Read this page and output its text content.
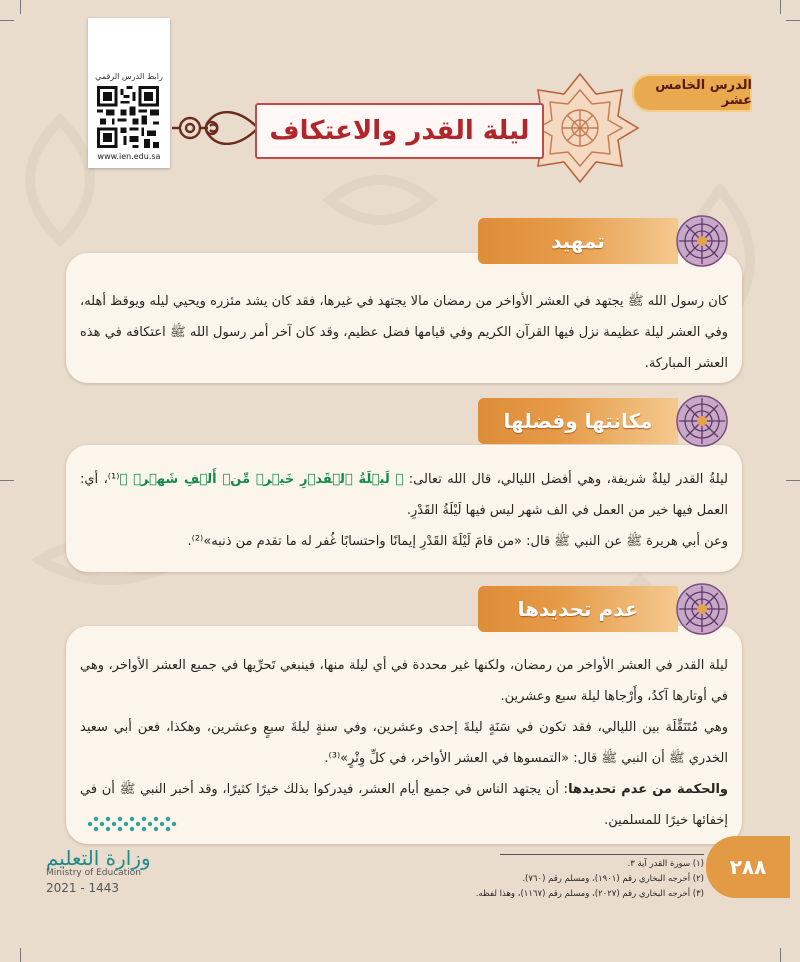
رابط الدرس الرقمي
www.ien.edu.sa
الدرس الخامس عشر
ليلة القدر والاعتكاف
تمهيد

كان رسول الله ﷺ يجتهد في العشر الأواخر من رمضان مالا يجتهد في غيرها، فقد كان يشد مئزره ويحيي ليله ويوقظ أهله، وفي العشر ليلة عظيمة نزل فيها القرآن الكريم وفي قيامها فضل عظيم، وقد كان آخر أمر رسول الله ﷺ اعتكافه في هذه العشر المباركة.

مكانتها وفضلها

ليلةُ القدر ليلةٌ شريفة، وهي أفضل الليالي، قال الله تعالى: ﴿ لَيۡلَةُ ٱلۡقَدۡرِ خَيۡرٞ مِّنۡ أَلۡفِ شَهۡرٖ ﴾⁽¹⁾، أي: العمل فيها خير من العمل في الف شهر ليس فيها لَيْلَةُ القَدْرِ.

وعن أبي هريرة ﷺ عن النبي ﷺ قال: «من قامَ لَيْلَةَ القَدْرِ إيمانًا واحتسابًا غُفر له ما تقدم من ذنبه»⁽²⁾.

عدم تحديدها

ليلة القدر في العشر الأواخر من رمضان، ولكنها غير محددة في أي ليلة منها، فينبغي تَحرِّيها في جميع العشر الأواخر، وهي في أوتارها آكدُ، وأَرْجاها ليلة سبع وعشرين.

وهي مُتَنَقِّلَة بين الليالي، فقد تكون في سَنَةٍ ليلةَ إحدى وعشرين، وفي سنةٍ ليلةَ سبعٍ وعشرين، وهكذا، فعن أبي سعيد الخدري ﷺ أن النبي ﷺ قال: «التمسوها في العشر الأواخر، في كلِّ وِتْرٍ»⁽³⁾.

والحكمة من عدم تحديدها: أن يجتهد الناس في جميع أيام العشر، فيدركوا بذلك خيرًا كثيرًا، وقد أخبر النبي ﷺ أن في إخفائها خيرًا للمسلمين.

وزارة التعليم
Ministry of Education
2021 - 1443
(١) سورة القدر آية ٣.
(٢) أخرجه البخاري رقم (١٩٠١)، ومسلم رقم (٧٦٠).
(٣) أخرجه البخاري رقم (٢٠٢٧)، ومسلم رقم (١١٦٧)، وهذا لفظه.
٢٨٨
